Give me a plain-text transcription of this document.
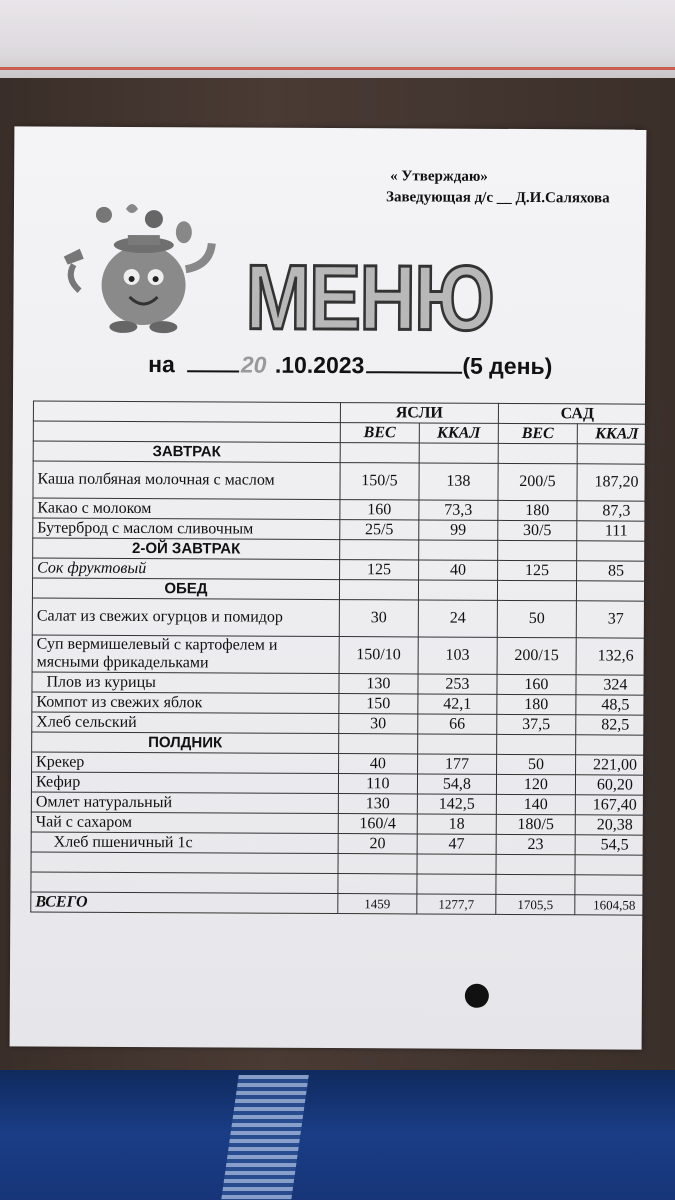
« Утверждаю»
Заведующая д/с __ Д.И.Саляхова
МЕНЮ
на	20 .10.2023	(5 день)
	ЯСЛИ		САД	
	ВЕС	ККАЛ	ВЕС	ККАЛ
ЗАВТРАК				
Каша полбяная молочная с маслом	150/5	138	200/5	187,20
Какао с молоком	160	73,3	180	87,3
Бутерброд с маслом сливочным	25/5	99	30/5	111
2-ОЙ ЗАВТРАК				
Сок фруктовый	125	40	125	85
ОБЕД				
Салат из свежих огурцов и помидор	30	24	50	37
Суп вермишелевый с картофелем и мясными фрикадельками	150/10	103	200/15	132,6
Плов из курицы	130	253	160	324
Компот из свежих яблок	150	42,1	180	48,5
Хлеб сельский	30	66	37,5	82,5
ПОЛДНИК				
Крекер	40	177	50	221,00
Кефир	110	54,8	120	60,20
Омлет натуральный	130	142,5	140	167,40
Чай с сахаром	160/4	18	180/5	20,38
Хлеб пшеничный 1с	20	47	23	54,5

ВСЕГО	1459	1277,7	1705,5	1604,58
